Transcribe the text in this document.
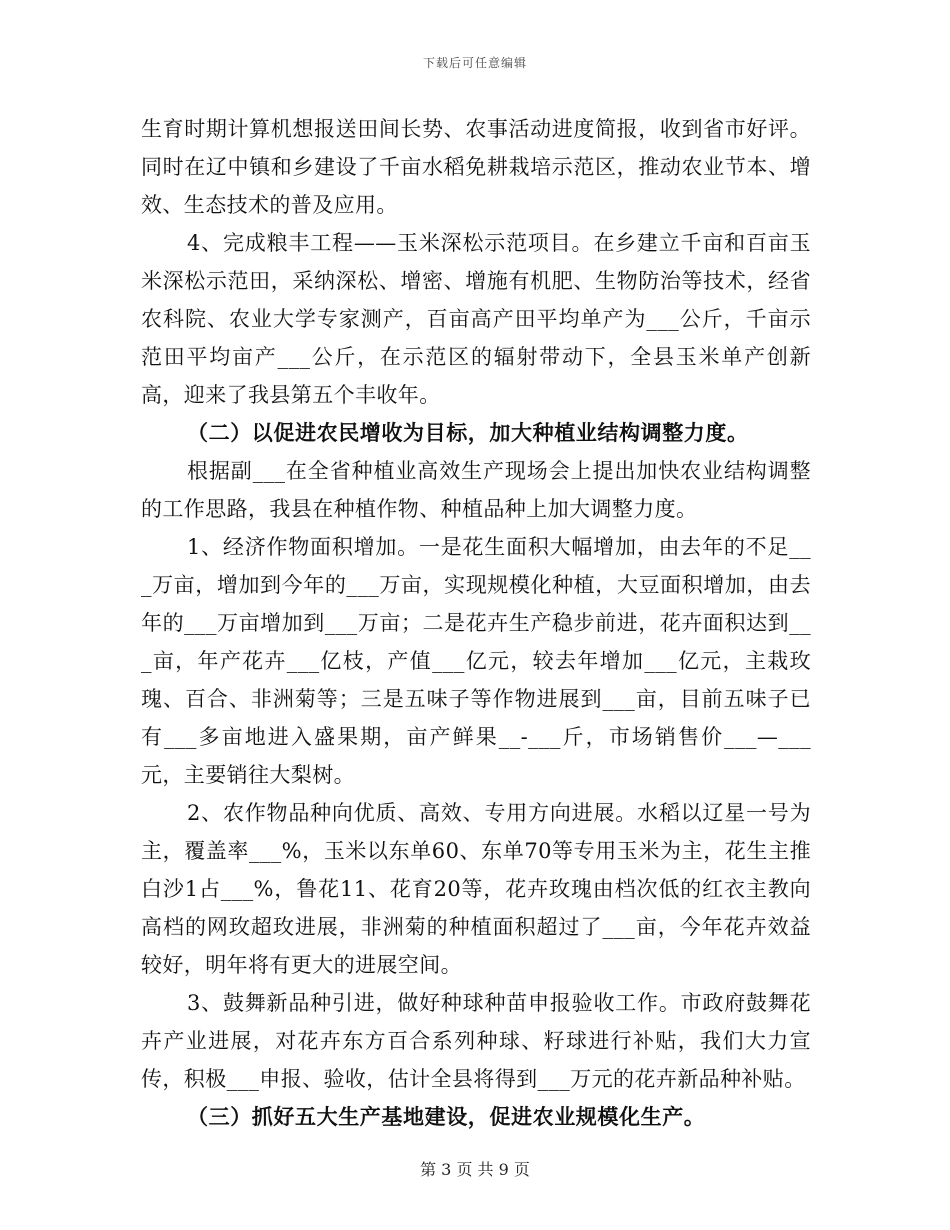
下载后可任意编辑

生育时期计算机想报送田间长势、农事活动进度简报，收到省市好评。同时在辽中镇和乡建设了千亩水稻免耕栽培示范区，推动农业节本、增效、生态技术的普及应用。

4、完成粮丰工程——玉米深松示范项目。在乡建立千亩和百亩玉米深松示范田，采纳深松、增密、增施有机肥、生物防治等技术，经省农科院、农业大学专家测产，百亩高产田平均单产为___公斤，千亩示范田平均亩产___公斤，在示范区的辐射带动下，全县玉米单产创新高，迎来了我县第五个丰收年。

（二）以促进农民增收为目标，加大种植业结构调整力度。

根据副___在全省种植业高效生产现场会上提出加快农业结构调整的工作思路，我县在种植作物、种植品种上加大调整力度。

1、经济作物面积增加。一是花生面积大幅增加，由去年的不足___万亩，增加到今年的___万亩，实现规模化种植，大豆面积增加，由去年的___万亩增加到___万亩；二是花卉生产稳步前进，花卉面积达到___亩，年产花卉___亿枝，产值___亿元，较去年增加___亿元，主栽玫瑰、百合、非洲菊等；三是五味子等作物进展到___亩，目前五味子已有___多亩地进入盛果期，亩产鲜果__-___斤，市场销售价___—___元，主要销往大梨树。

2、农作物品种向优质、高效、专用方向进展。水稻以辽星一号为主，覆盖率___%，玉米以东单60、东单70等专用玉米为主，花生主推白沙1占___%，鲁花11、花育20等，花卉玫瑰由档次低的红衣主教向高档的网玫超玫进展，非洲菊的种植面积超过了___亩，今年花卉效益较好，明年将有更大的进展空间。

3、鼓舞新品种引进，做好种球种苗申报验收工作。市政府鼓舞花卉产业进展，对花卉东方百合系列种球、籽球进行补贴，我们大力宣传，积极___申报、验收，估计全县将得到___万元的花卉新品种补贴。

（三）抓好五大生产基地建设，促进农业规模化生产。

第 3 页 共 9 页
